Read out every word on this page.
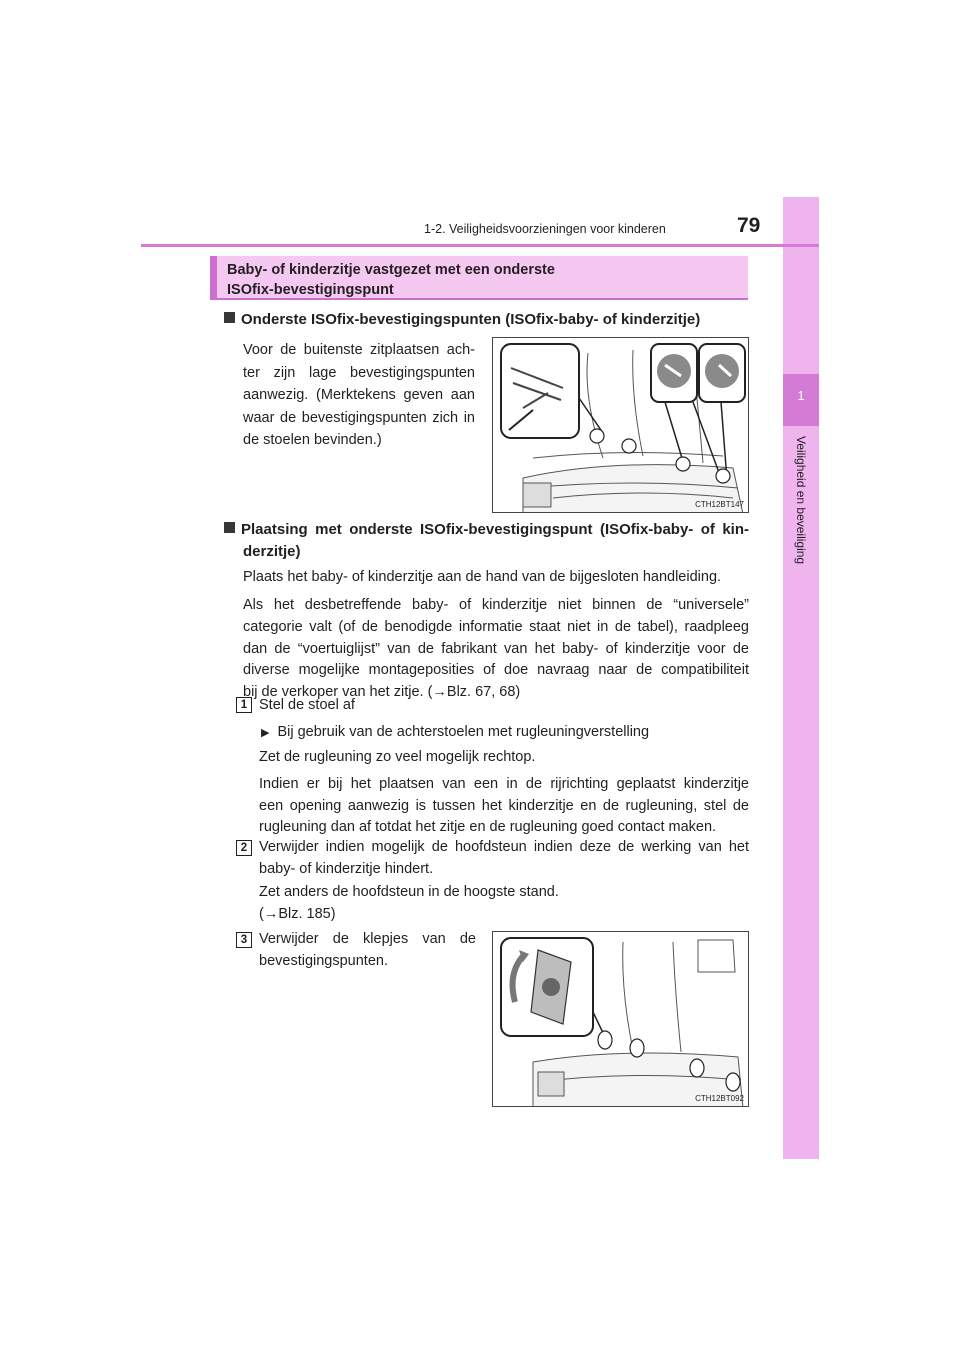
1
Veiligheid en beveiliging
1-2. Veiligheidsvoorzieningen voor kinderen	79
Baby- of kinderzitje vastgezet met een onderste
ISOfix-bevestigingspunt
Onderste ISOfix-bevestigingspunten (ISOfix-baby- of kinderzitje)
Voor de buitenste zitplaatsen ach-
ter zijn lage bevestigingspunten
aanwezig. (Merktekens geven aan
waar de bevestigingspunten zich in
de stoelen bevinden.)
CTH12BT147
Plaatsing met onderste ISOfix-bevestigingspunt (ISOfix-baby- of kin-
derzitje)
Plaats het baby- of kinderzitje aan de hand van de bijgesloten handleiding.
Als het desbetreffende baby- of kinderzitje niet binnen de “universele”
categorie valt (of de benodigde informatie staat niet in de tabel), raadpleeg
dan de “voertuiglijst” van de fabrikant van het baby- of kinderzitje voor de
diverse mogelijke montageposities of doe navraag naar de compatibiliteit
bij de verkoper van het zitje. (→Blz. 67, 68)
1 Stel de stoel af
▶ Bij gebruik van de achterstoelen met rugleuningverstelling
Zet de rugleuning zo veel mogelijk rechtop.
Indien er bij het plaatsen van een in de rijrichting geplaatst kinderzitje
een opening aanwezig is tussen het kinderzitje en de rugleuning, stel de
rugleuning dan af totdat het zitje en de rugleuning goed contact maken.
2 Verwijder indien mogelijk de hoofdsteun indien deze de werking van het
baby- of kinderzitje hindert.
Zet anders de hoofdsteun in de hoogste stand.
(→Blz. 185)
3 Verwijder de klepjes van de
bevestigingspunten.
CTH12BT092
